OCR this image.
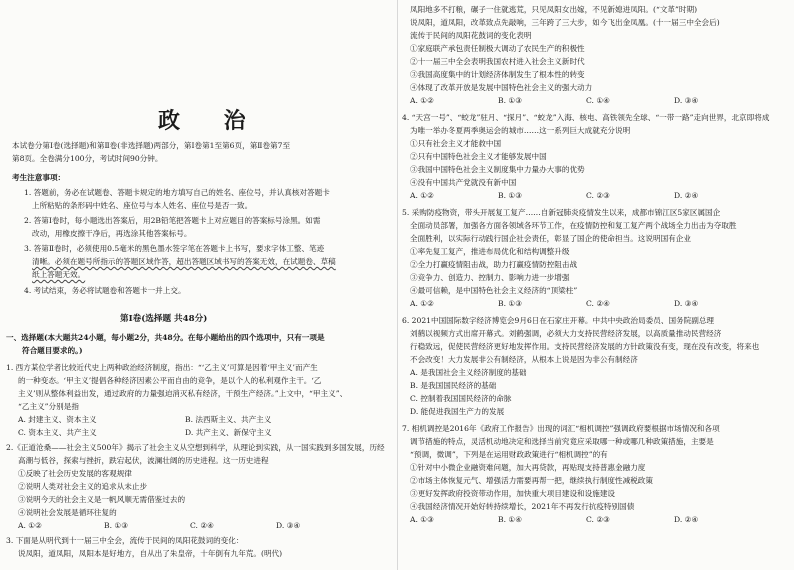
政 治
本试卷分第Ⅰ卷(选择题)和第Ⅱ卷(非选择题)两部分，第Ⅰ卷第1至第6页，第Ⅱ卷第7至
第8页。全卷满分100分，考试时间90分钟。
考生注意事项：
1. 答题前，务必在试题卷、答题卡规定的地方填写自己的姓名、座位号，并认真核对答题卡
上所粘贴的条形码中姓名、座位号与本人姓名、座位号是否一致。
2. 答第Ⅰ卷时，每小题选出答案后，用2B铅笔把答题卡上对应题目的答案标号涂黑。如需
改动，用橡皮擦干净后，再选涂其他答案标号。
3. 答第Ⅱ卷时，必须使用0.5毫米的黑色墨水签字笔在答题卡上书写，要求字体工整、笔迹
清晰。必须在题号所指示的答题区域作答，超出答题区域书写的答案无效，在试题卷、草稿
纸上答题无效。
4. 考试结束，务必将试题卷和答题卡一并上交。
第Ⅰ卷(选择题 共48分)
一、选择题(本大题共24小题，每小题2分，共48分。在每小题给出的四个选项中，只有一项是
符合题目要求的。)
1. 西方某位学者比较近代史上两种政治经济制度，指出：“‘乙主义’可算是因着‘甲主义’而产生
的一种变态。‘甲主义’提倡各种经济因素公平而自由的竞争，是以个人的私利观作主干。‘乙
主义’则从整体利益出发，通过政府的力量强迫消灭私有经济，干预生产经济。”上文中，“甲主义”、
“乙主义”分别是指
A. 封建主义、资本主义	B. 法西斯主义、共产主义
C. 资本主义、共产主义	D. 共产主义、新保守主义
2.《正道沧桑——社会主义500年》揭示了社会主义从空想到科学，从理论到实践，从一国实践到多国发展，历经
高潮与低谷，探索与挫折，跌宕起伏，波澜壮阔的历史进程。这一历史进程
①反映了社会历史发展的客观规律
②说明人类对社会主义的追求从未止步
③说明今天的社会主义是一帆风顺无需借鉴过去的
④说明社会发展是循环往复的
A. ①②	B. ①③	C. ②④	D. ③④
3. 下面是从明代到十一届三中全会，流传于民间的凤阳花鼓词的变化：
说凤阳，道凤阳，凤阳本是好地方，自从出了朱皇帝，十年倒有九年荒。(明代)
凤阳地多不打粮，碾子一住就逃荒，只见凤阳女出嫁，不见新媳进凤阳。(“文革”时期)
说凤阳，道凤阳，改革致点先敲响，三年跨了三大步，如今飞出金凤凰。(十一届三中全会后)
流传于民间的凤阳花鼓词的变化表明
①家庭联产承包责任制极大调动了农民生产的积极性
②十一届三中全会表明我国农村进入社会主义新时代
③我国高度集中的计划经济体制发生了根本性的转变
④体现了改革开放是发展中国特色社会主义的强大动力
A. ①②	B. ①③	C. ①④	D. ③④
4. “天宫一号”、“蛟龙”驻月、“探月”、“蛟龙”入海、核电、高铁领先全球、“一带一路”走向世界，北京即将成
为唯一举办冬夏两季奥运会的城市……这一系列巨大成就充分说明
①只有社会主义才能救中国
②只有中国特色社会主义才能够发展中国
③我国中国特色社会主义制度集中力量办大事的优势
④没有中国共产党就没有新中国
A. ①②	B. ①③	C. ②③	D. ②④
5. 采购防疫物资，带头开展复工复产……自新冠肺炎疫情发生以来，成都市锦江区5家区属国企
全面动员部署，加强各方面各领域各环节工作，在疫情防控和复工复产两个战场全力出击为夺取胜
全面胜利，以实际行动践行国企社会责任，彰显了国企的使命担当。这说明国有企业
①率先复工复产，推进布局优化和结构调整升级
②全力打赢疫情阻击战，助力打赢疫情防控阻击战
③竞争力、创造力、控制力、影响力进一步增强
④最可信赖，是中国特色社会主义经济的“顶梁柱”
A. ①②	B. ①③	C. ②④	D. ③④
6. 2021中国国际数字经济博览会9月6日在石家庄开幕。中共中央政治局委员、国务院副总理
刘鹤以视频方式出席开幕式。刘鹤强调，必须大力支持民营经济发展，以高质量推动民营经济
行稳致远，促使民营经济更好地发挥作用。支持民营经济发展的方针政策没有变，现在没有改变，将来也
不会改变！大力发展非公有制经济，从根本上说是因为非公有制经济
A. 是我国社会主义经济制度的基础
B. 是我国国民经济的基础
C. 控制着我国国民经济的命脉
D. 能促进我国生产力的发展
7. 相机调控是2016年《政府工作报告》出现的词汇“相机调控”强调政府要根据市场情况和各项
调节措施的特点，灵活机动地决定和选择当前究竟应采取哪一种或哪几种政策措施，主要是
“预调，微调”，下列是在运用财政政策进行“相机调控”的有
①针对中小微企业融资难问题，加大再贷款，再贴现支持普惠金融力度
②市场主体恢复元气、增强活力需要再帮一把，继续执行制度性减税政策
③更好发挥政府投资带动作用，加快重大项目建设和设施建设
④我国经济情况开始好转持续增长，2021年不再发行抗疫特别国债
A. ①③	B. ①④	C. ②③	D. ②④
